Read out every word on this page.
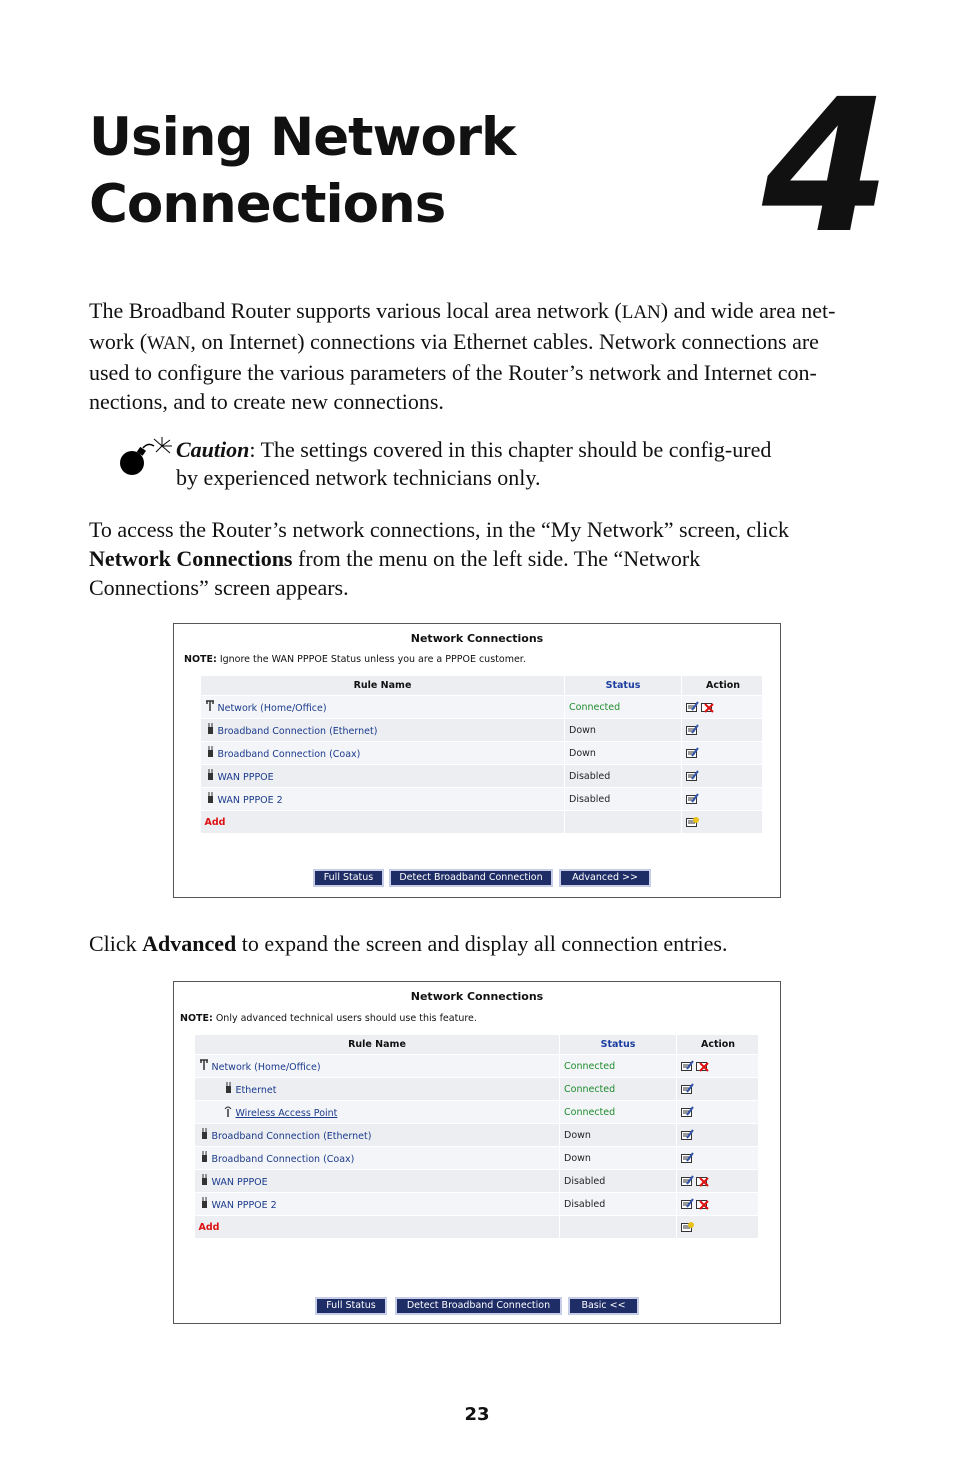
Using Network
Connections	4

The Broadband Router supports various local area network (LAN) and wide area net-work (WAN, on Internet) connections via Ethernet cables. Network connections are used to configure the various parameters of the Router’s network and Internet con-nections, and to create new connections.

Caution: The settings covered in this chapter should be config-ured by experienced network technicians only.

To access the Router’s network connections, in the “My Network” screen, click Network Connections from the menu on the left side. The “Network Connections” screen appears.

Network Connections
NOTE: Ignore the WAN PPPOE Status unless you are a PPPOE customer.
Rule Name	Status	Action
Network (Home/Office)	Connected	
Broadband Connection (Ethernet)	Down	
Broadband Connection (Coax)	Down	
WAN PPPOE	Disabled	
WAN PPPOE 2	Disabled	
Add		
Full Status	Detect Broadband Connection	Advanced >>

Click Advanced to expand the screen and display all connection entries.

Network Connections
NOTE: Only advanced technical users should use this feature.
Rule Name	Status	Action
Network (Home/Office)	Connected	
Ethernet	Connected	
Wireless Access Point	Connected	
Broadband Connection (Ethernet)	Down	
Broadband Connection (Coax)	Down	
WAN PPPOE	Disabled	
WAN PPPOE 2	Disabled	
Add		
Full Status	Detect Broadband Connection	Basic <<
23
